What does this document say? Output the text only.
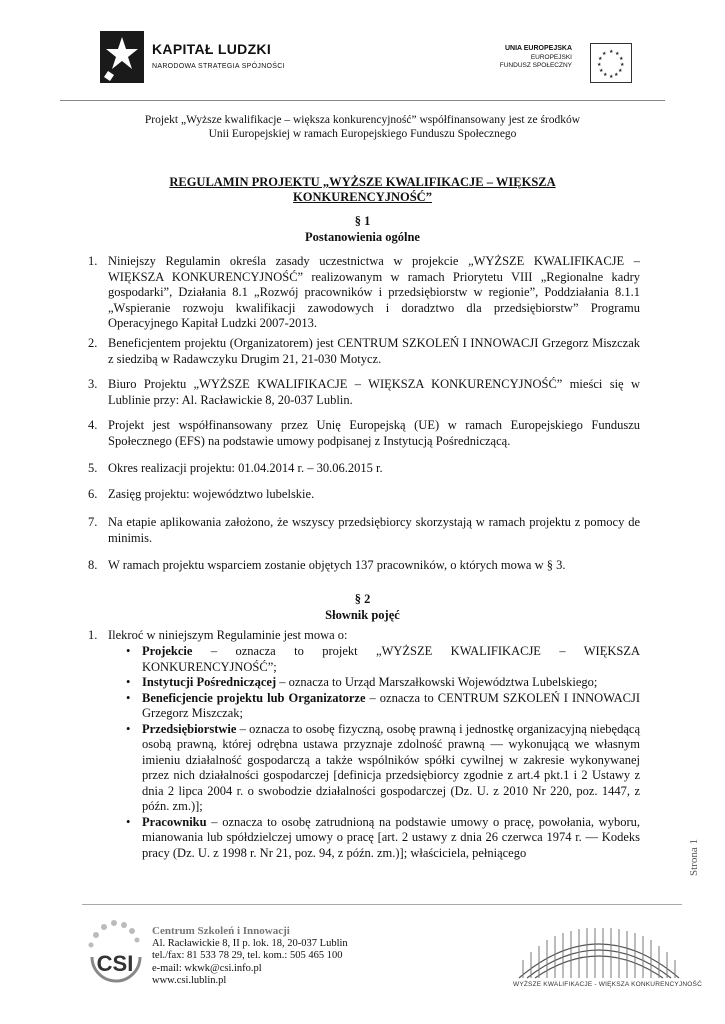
KAPITAŁ LUDZKI
NARODOWA STRATEGIA SPÓJNOŚCI
UNIA EUROPEJSKA
EUROPEJSKI
FUNDUSZ SPOŁECZNY
★ ★
★
★
★
★
★
★
★
★
★
★
Projekt „Wyższe kwalifikacje – większa konkurencyjność” współfinansowany jest ze środków
Unii Europejskiej w ramach Europejskiego Funduszu Społecznego
REGULAMIN PROJEKTU „WYŻSZE KWALIFIKACJE – WIĘKSZA
KONKURENCYJNOŚĆ”
§ 1
Postanowienia ogólne
1. Niniejszy Regulamin określa zasady uczestnictwa w projekcie „WYŻSZE KWALIFIKACJE – WIĘKSZA KONKURENCYJNOŚĆ” realizowanym w ramach Priorytetu VIII „Regionalne kadry gospodarki”, Działania 8.1 „Rozwój pracowników i przedsiębiorstw w regionie”, Poddziałania 8.1.1 „Wspieranie rozwoju kwalifikacji zawodowych i doradztwo dla przedsiębiorstw” Programu Operacyjnego Kapitał Ludzki 2007-2013.
2. Beneficjentem projektu (Organizatorem) jest CENTRUM SZKOLEŃ I INNOWACJI Grzegorz Miszczak z siedzibą w Radawczyku Drugim 21, 21-030 Motycz.
3. Biuro Projektu „WYŻSZE KWALIFIKACJE – WIĘKSZA KONKURENCYJNOŚĆ” mieści się w Lublinie przy: Al. Racławickie 8, 20-037 Lublin.
4. Projekt jest współfinansowany przez Unię Europejską (UE) w ramach Europejskiego Funduszu Społecznego (EFS) na podstawie umowy podpisanej z Instytucją Pośredniczącą.
5. Okres realizacji projektu: 01.04.2014 r. – 30.06.2015 r.
6. Zasięg projektu: województwo lubelskie.
7. Na etapie aplikowania założono, że wszyscy przedsiębiorcy skorzystają w ramach projektu z pomocy de minimis.
8. W ramach projektu wsparciem zostanie objętych 137 pracowników, o których mowa w § 3.
§ 2
Słownik pojęć
1. Ilekroć w niniejszym Regulaminie jest mowa o:
• Projekcie – oznacza to projekt „WYŻSZE KWALIFIKACJE – WIĘKSZA KONKURENCYJNOŚĆ”;
• Instytucji Pośredniczącej – oznacza to Urząd Marszałkowski Województwa Lubelskiego;
• Beneficjencie projektu lub Organizatorze – oznacza to CENTRUM SZKOLEŃ I INNOWACJI Grzegorz Miszczak;
• Przedsiębiorstwie – oznacza to osobę fizyczną, osobę prawną i jednostkę organizacyjną niebędącą osobą prawną, której odrębna ustawa przyznaje zdolność prawną — wykonującą we własnym imieniu działalność gospodarczą a także wspólników spółki cywilnej w zakresie wykonywanej przez nich działalności gospodarczej [definicja przedsiębiorcy zgodnie z art.4 pkt.1 i 2 Ustawy z dnia 2 lipca 2004 r. o swobodzie działalności gospodarczej (Dz. U. z 2010 Nr 220, poz. 1447, z późn. zm.)];
• Pracowniku – oznacza to osobę zatrudnioną na podstawie umowy o pracę, powołania, wyboru, mianowania lub spółdzielczej umowy o pracę [art. 2 ustawy z dnia 26 czerwca 1974 r. — Kodeks pracy (Dz. U. z 1998 r. Nr 21, poz. 94, z późn. zm.)]; właściciela, pełniącego	Strona 1
CSI
Centrum Szkoleń i Innowacji
Al. Racławickie 8, II p. lok. 18, 20-037 Lublin
tel./fax: 81 533 78 29, tel. kom.: 505 465 100
e-mail: wkwk@csi.info.pl
www.csi.lublin.pl	WYŻSZE KWALIFIKACJE - WIĘKSZA KONKURENCYJNOŚĆ
